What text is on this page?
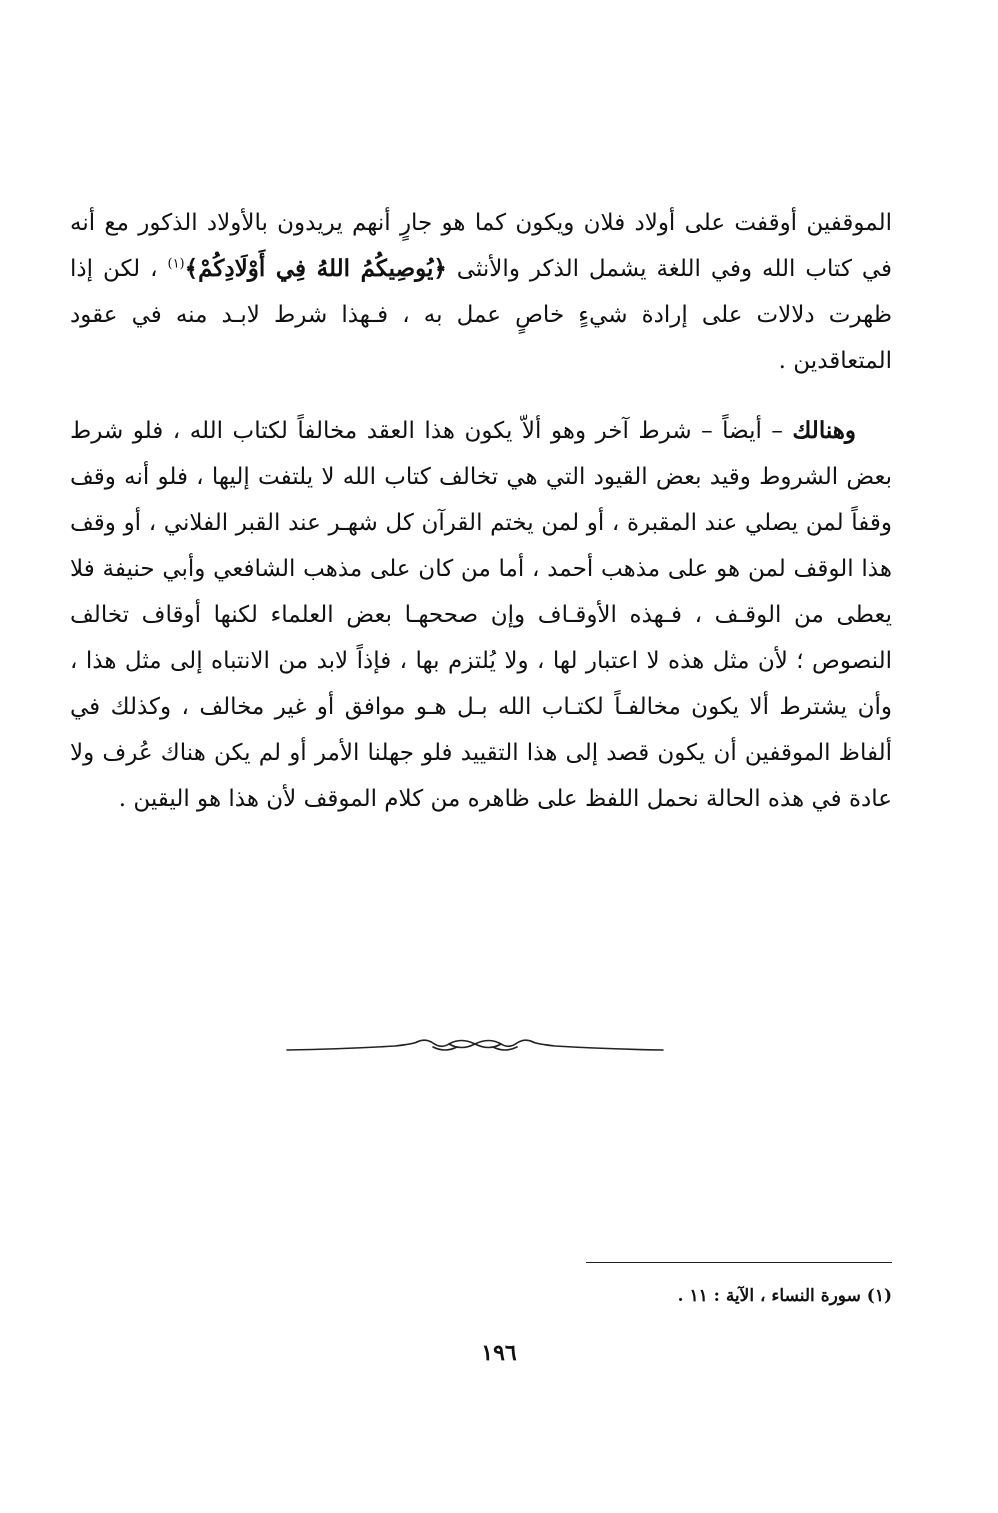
الموقفين أوقفت على أولاد فلان ويكون كما هو جارٍ أنهم يريدون بالأولاد الذكور مع أنه في كتاب الله وفي اللغة يشمل الذكر والأنثى ﴿يُوصِيكُمُ اللهُ فِي أَوْلَادِكُمْ﴾$^{(١)}$ ، لكن إذا ظهرت دلالات على إرادة شيءٍ خاصٍ عمل به ، فـهذا شرط لابـد منه في عقود المتعاقدين .

وهنالك – أيضاً – شرط آخر وهو ألاّ يكون هذا العقد مخالفاً لكتاب الله ، فلو شرط بعض الشروط وقيد بعض القيود التي هي تخالف كتاب الله لا يلتفت إليها ، فلو أنه وقف وقفاً لمن يصلي عند المقبرة ، أو لمن يختم القرآن كل شهـر عند القبر الفلاني ، أو وقف هذا الوقف لمن هو على مذهب أحمد ، أما من كان على مذهب الشافعي وأبي حنيفة فلا يعطى من الوقـف ، فـهذه الأوقـاف وإن صححهـا بعض العلماء لكنها أوقاف تخالف النصوص ؛ لأن مثل هذه لا اعتبار لها ، ولا يُلتزم بها ، فإذاً لابد من الانتباه إلى مثل هذا ، وأن يشترط ألا يكون مخالفـاً لكتـاب الله بـل هـو موافق أو غير مخالف ، وكذلك في ألفاظ الموقفين أن يكون قصد إلى هذا التقييد فلو جهلنا الأمر أو لم يكن هناك عُرف ولا عادة في هذه الحالة نحمل اللفظ على ظاهره من كلام الموقف لأن هذا هو اليقين .

(١) سورة النساء ، الآية : ١١ .
١٩٦
